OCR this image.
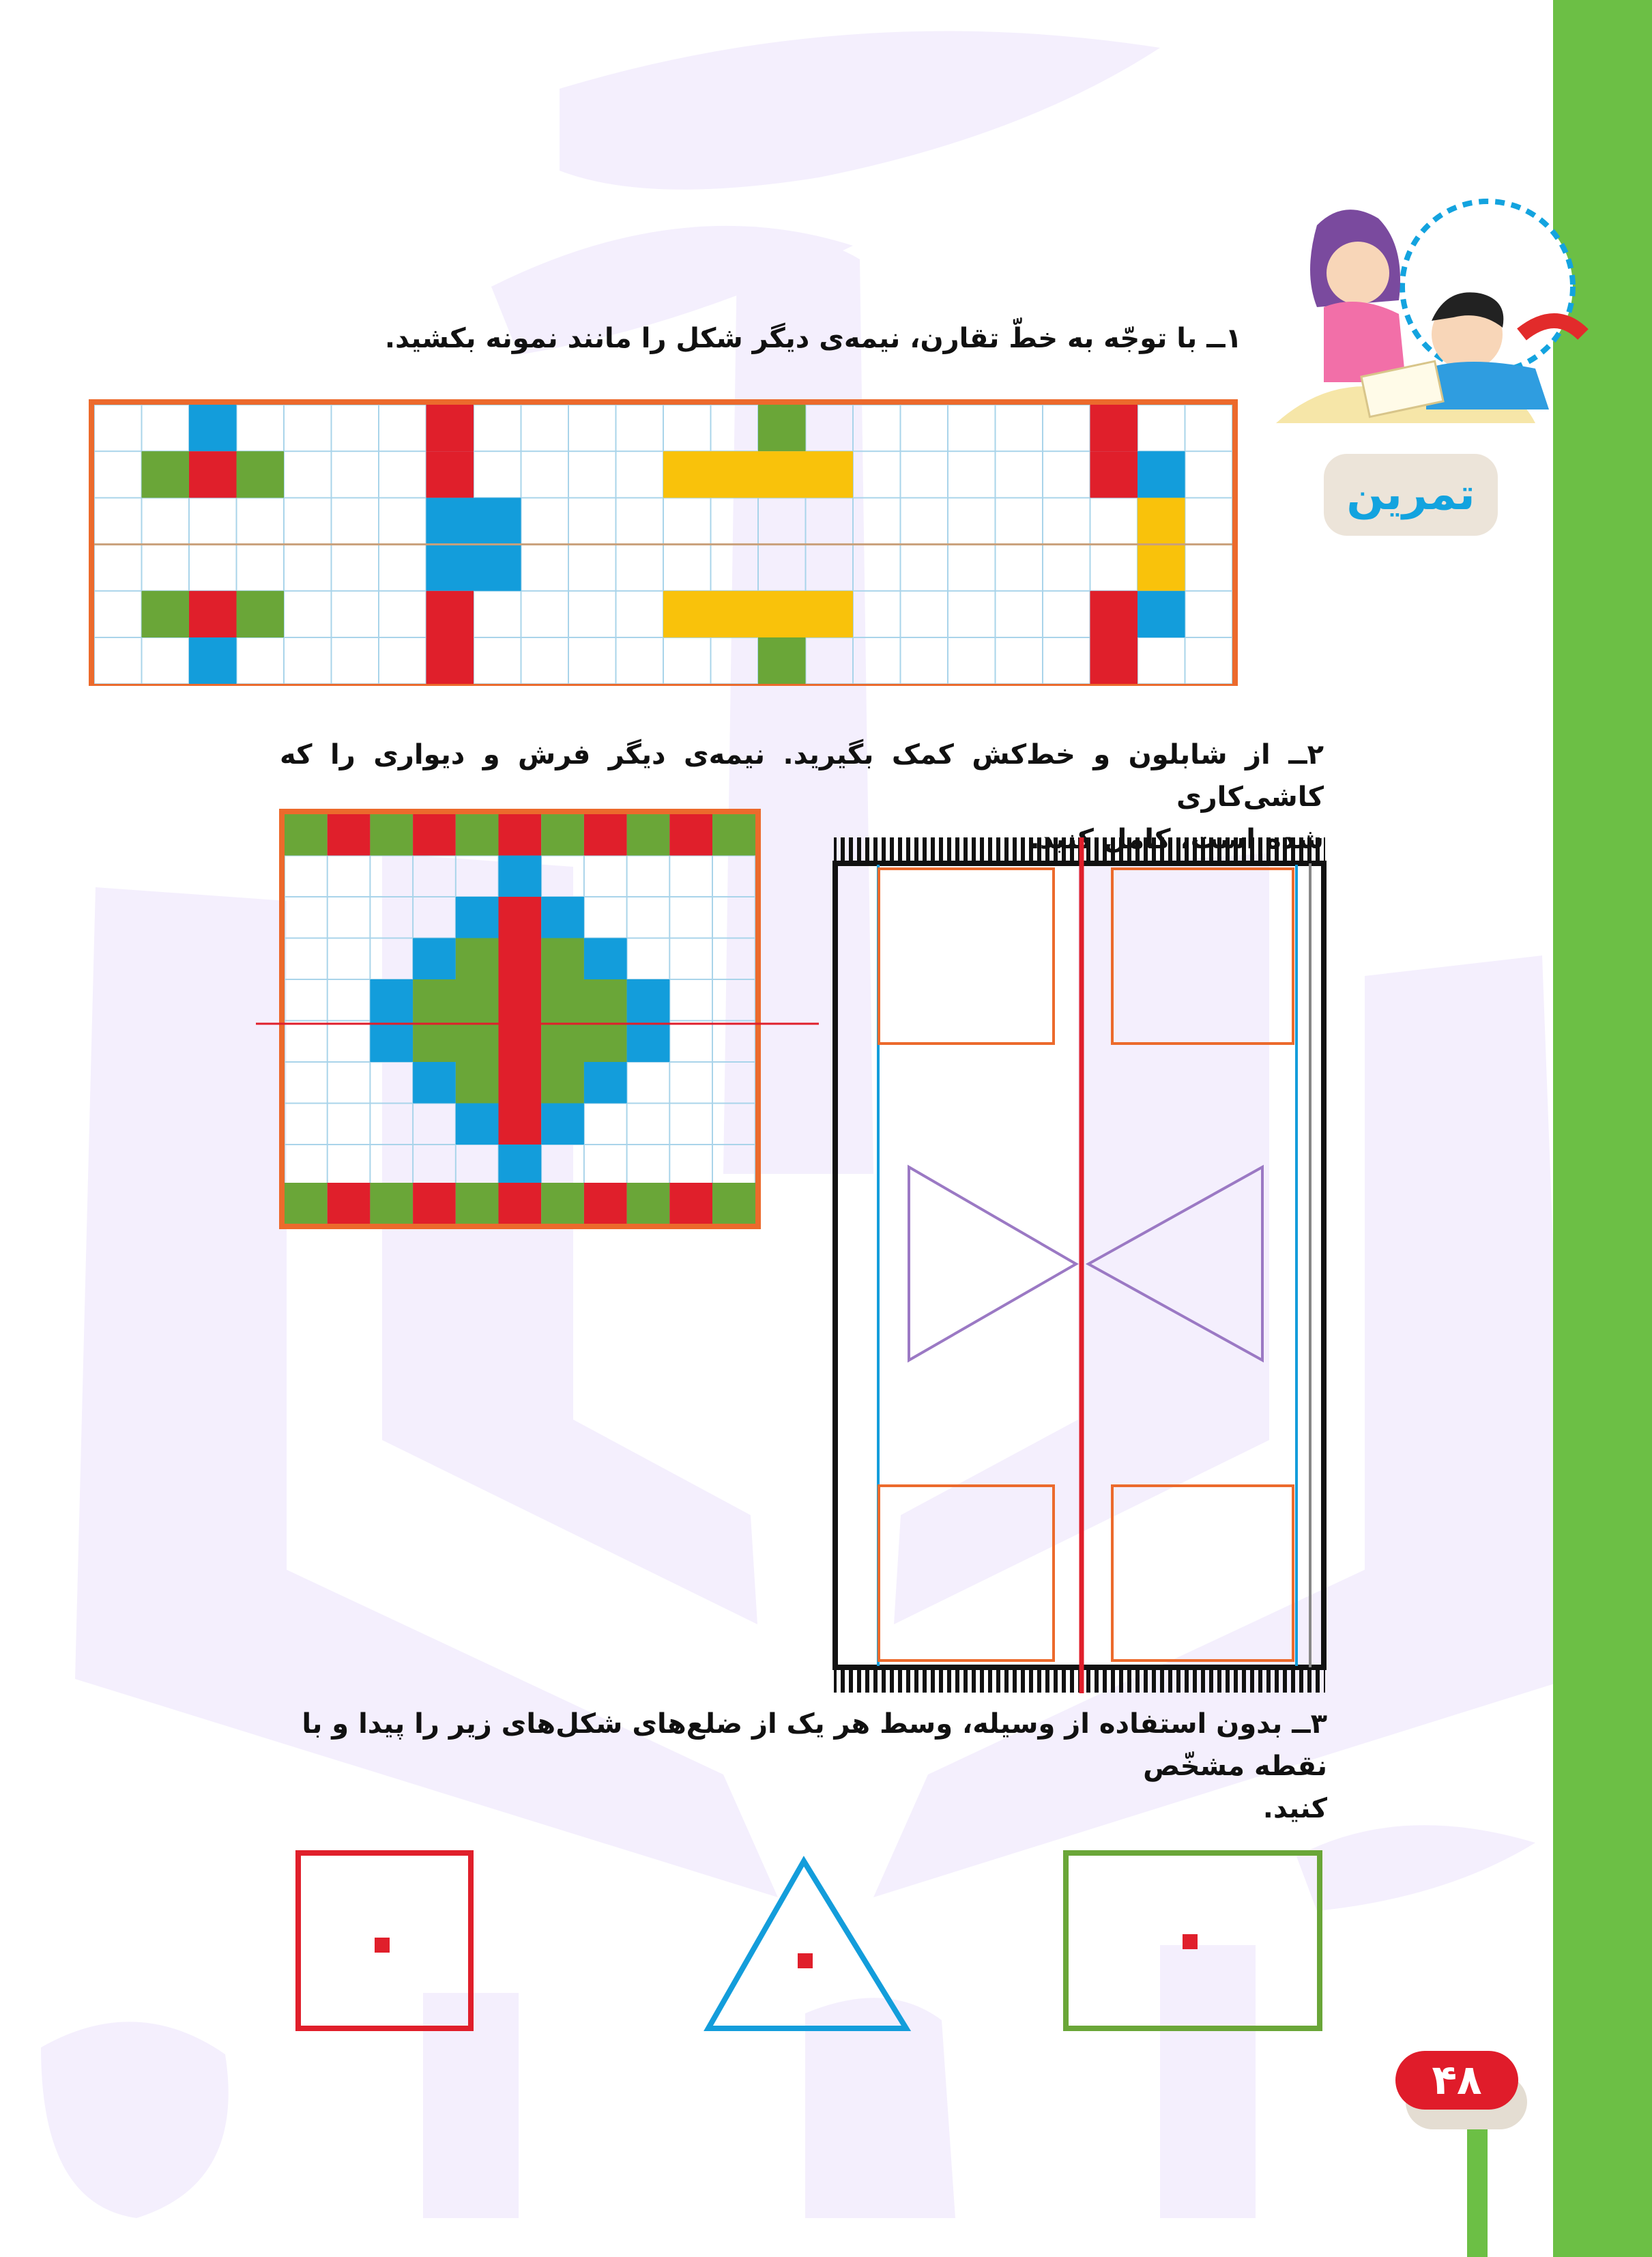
تمرین
۱ــ با توجّه به خطّ تقارن، نیمه‌ی دیگر شکل را مانند نمونه بکشید.
۲ــ از شابلون و خط‌کش کمک بگیرید. نیمه‌ی دیگر فرش و دیواری را که کاشی‌کاری
۳ــ بدون استفاده از وسیله، وسط هر یک از ضلع‌های شکل‌های زیر را پیدا و با نقطه مشخّص
کنید.
۴۸
